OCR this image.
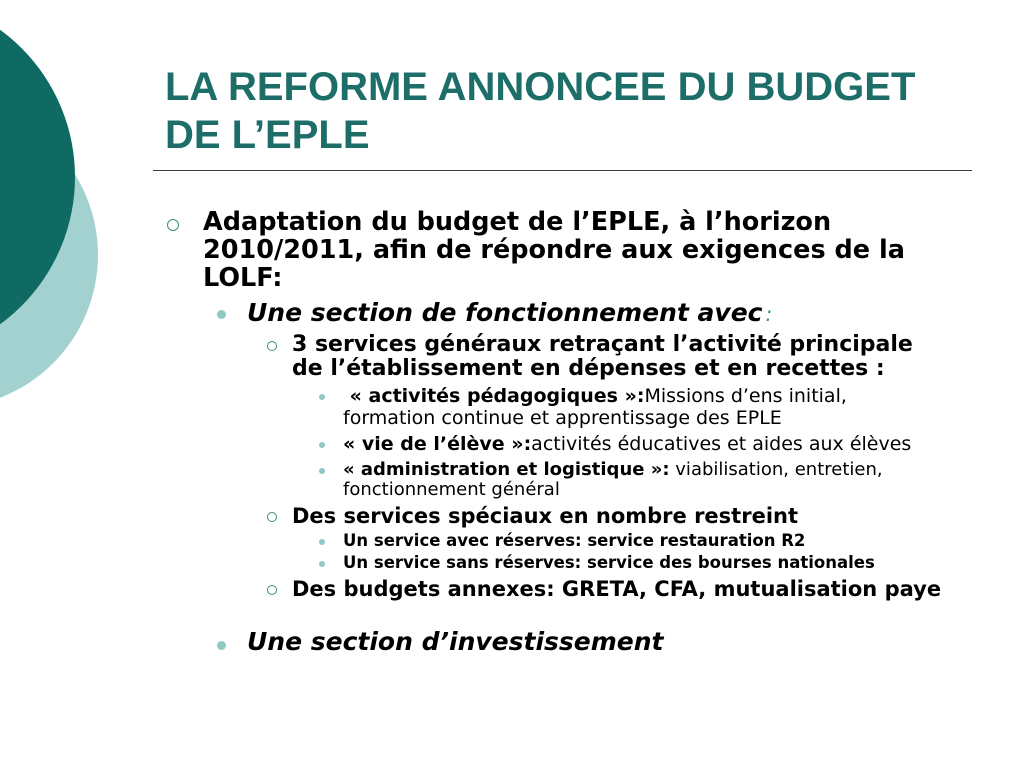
LA REFORME ANNONCEE DU BUDGET
DE L’EPLE
Adaptation du budget de l’EPLE, à l’horizon
2010/2011, afin de répondre aux exigences de la
LOLF:
Une section de fonctionnement avec :
3 services généraux retraçant l’activité principale
de l’établissement en dépenses et en recettes :
« activités pédagogiques »:Missions d’ens initial,
formation continue et apprentissage des EPLE
« vie de l’élève »:activités éducatives et aides aux élèves
« administration et logistique »: viabilisation, entretien,
fonctionnement général
Des services spéciaux en nombre restreint
Un service avec réserves: service restauration R2
Un service sans réserves: service des bourses nationales
Des budgets annexes: GRETA, CFA, mutualisation paye
Une section d’investissement
